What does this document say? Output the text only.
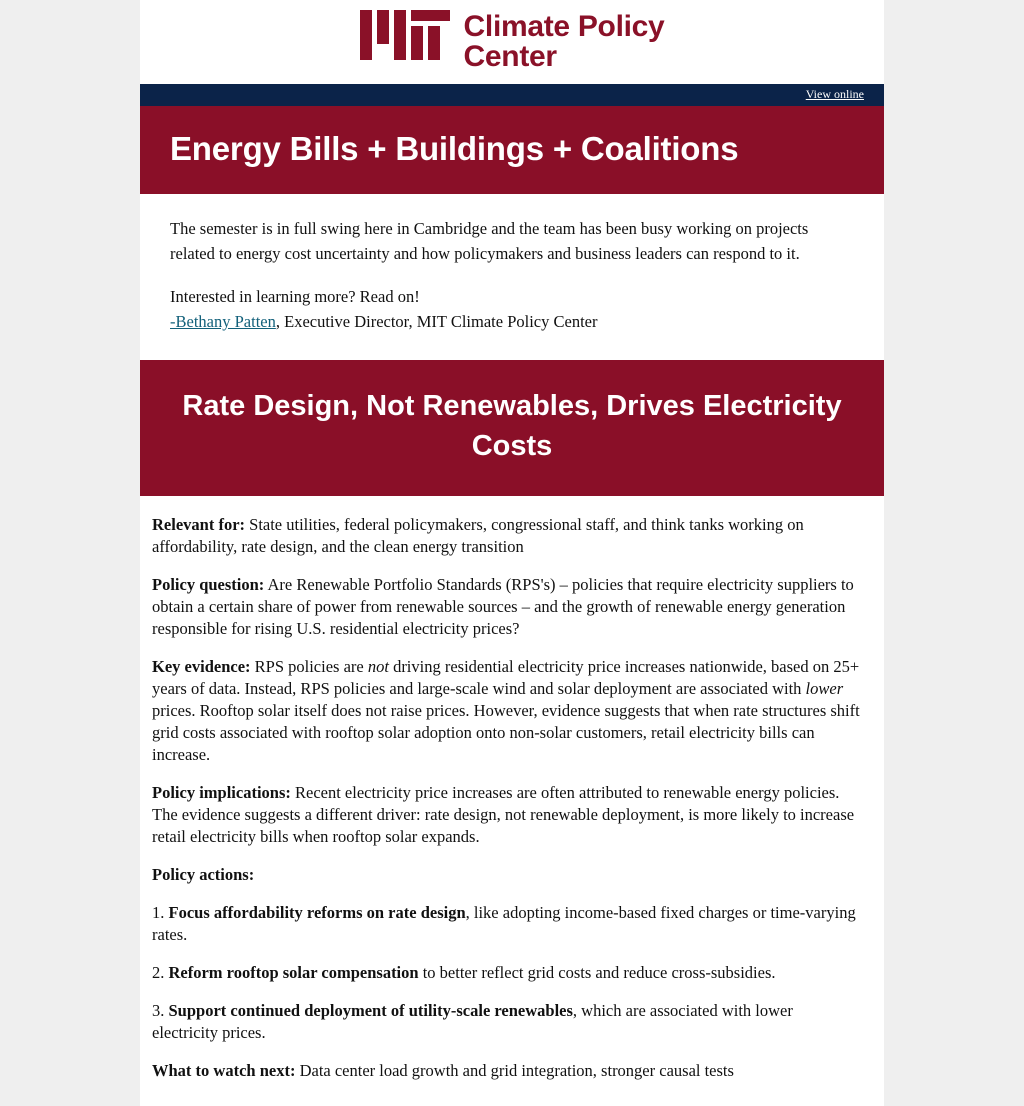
Climate Policy
Center
View online
Energy Bills + Buildings + Coalitions

The semester is in full swing here in Cambridge and the team has been busy working on projects related to energy cost uncertainty and how policymakers and business leaders can respond to it.

Interested in learning more? Read on!
-Bethany Patten, Executive Director, MIT Climate Policy Center

Rate Design, Not Renewables, Drives Electricity Costs

Relevant for: State utilities, federal policymakers, congressional staff, and think tanks working on affordability, rate design, and the clean energy transition

Policy question: Are Renewable Portfolio Standards (RPS's) – policies that require electricity suppliers to obtain a certain share of power from renewable sources – and the growth of renewable energy generation responsible for rising U.S. residential electricity prices?

Key evidence: RPS policies are not driving residential electricity price increases nationwide, based on 25+ years of data. Instead, RPS policies and large-scale wind and solar deployment are associated with lower prices. Rooftop solar itself does not raise prices. However, evidence suggests that when rate structures shift grid costs associated with rooftop solar adoption onto non-solar customers, retail electricity bills can increase.

Policy implications: Recent electricity price increases are often attributed to renewable energy policies. The evidence suggests a different driver: rate design, not renewable deployment, is more likely to increase retail electricity bills when rooftop solar expands.

Policy actions:

1. Focus affordability reforms on rate design, like adopting income-based fixed charges or time-varying rates.

2. Reform rooftop solar compensation to better reflect grid costs and reduce cross-subsidies.

3. Support continued deployment of utility-scale renewables, which are associated with lower electricity prices.

What to watch next: Data center load growth and grid integration, stronger causal tests
